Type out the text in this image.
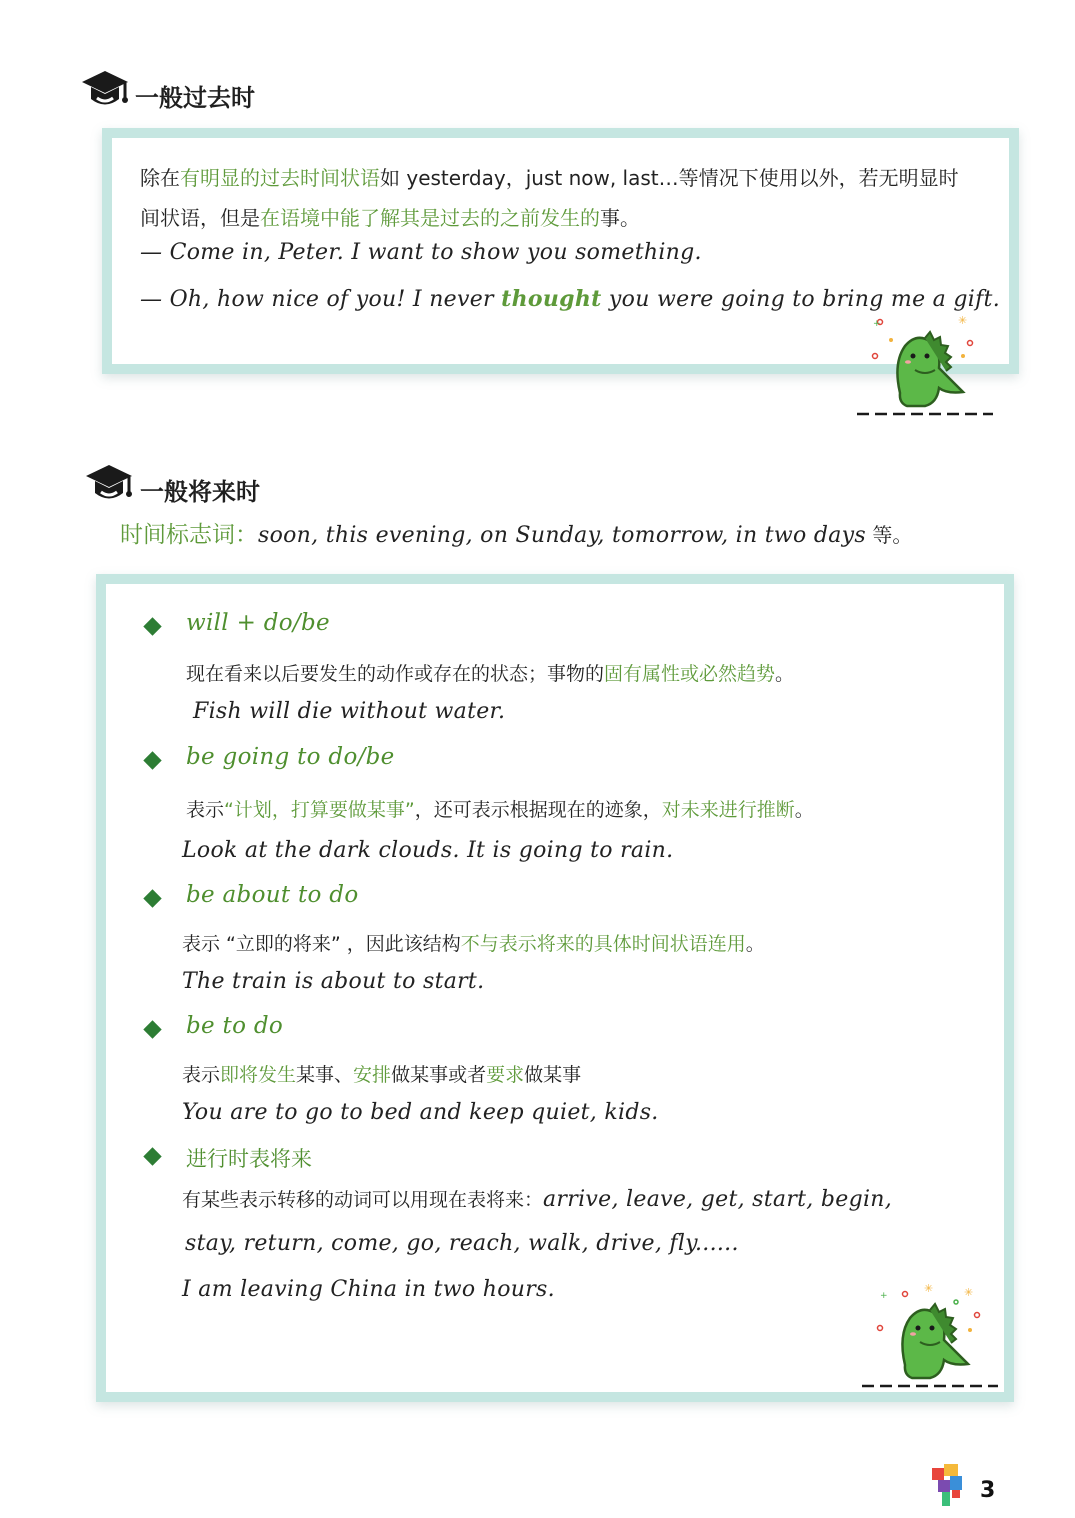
一般过去时
除在有明显的过去时间状语如 yesterday，just now, last…等情况下使用以外，若无明显时
间状语，但是在语境中能了解其是过去的之前发生的事。
— Come in, Peter. I want to show you something.
— Oh, how nice of you! I never thought you were going to bring me a gift.
✳
+
一般将来时
时间标志词：soon, this evening, on Sunday, tomorrow, in two days 等。
will + do/be
现在看来以后要发生的动作或存在的状态；事物的固有属性或必然趋势。
Fish will die without water.
be going to do/be
表示“计划，打算要做某事”，还可表示根据现在的迹象，对未来进行推断。
Look at the dark clouds. It is going to rain.
be about to do
表示 “立即的将来” ，因此该结构不与表示将来的具体时间状语连用。
The train is about to start.
be to do
表示即将发生某事、安排做某事或者要求做某事
You are to go to bed and keep quiet, kids.
进行时表将来
有某些表示转移的动词可以用现在表将来：arrive, leave, get, start, begin,
stay, return, come, go, reach, walk, drive, fly......
I am leaving China in two hours.	✳	✳
+
3
